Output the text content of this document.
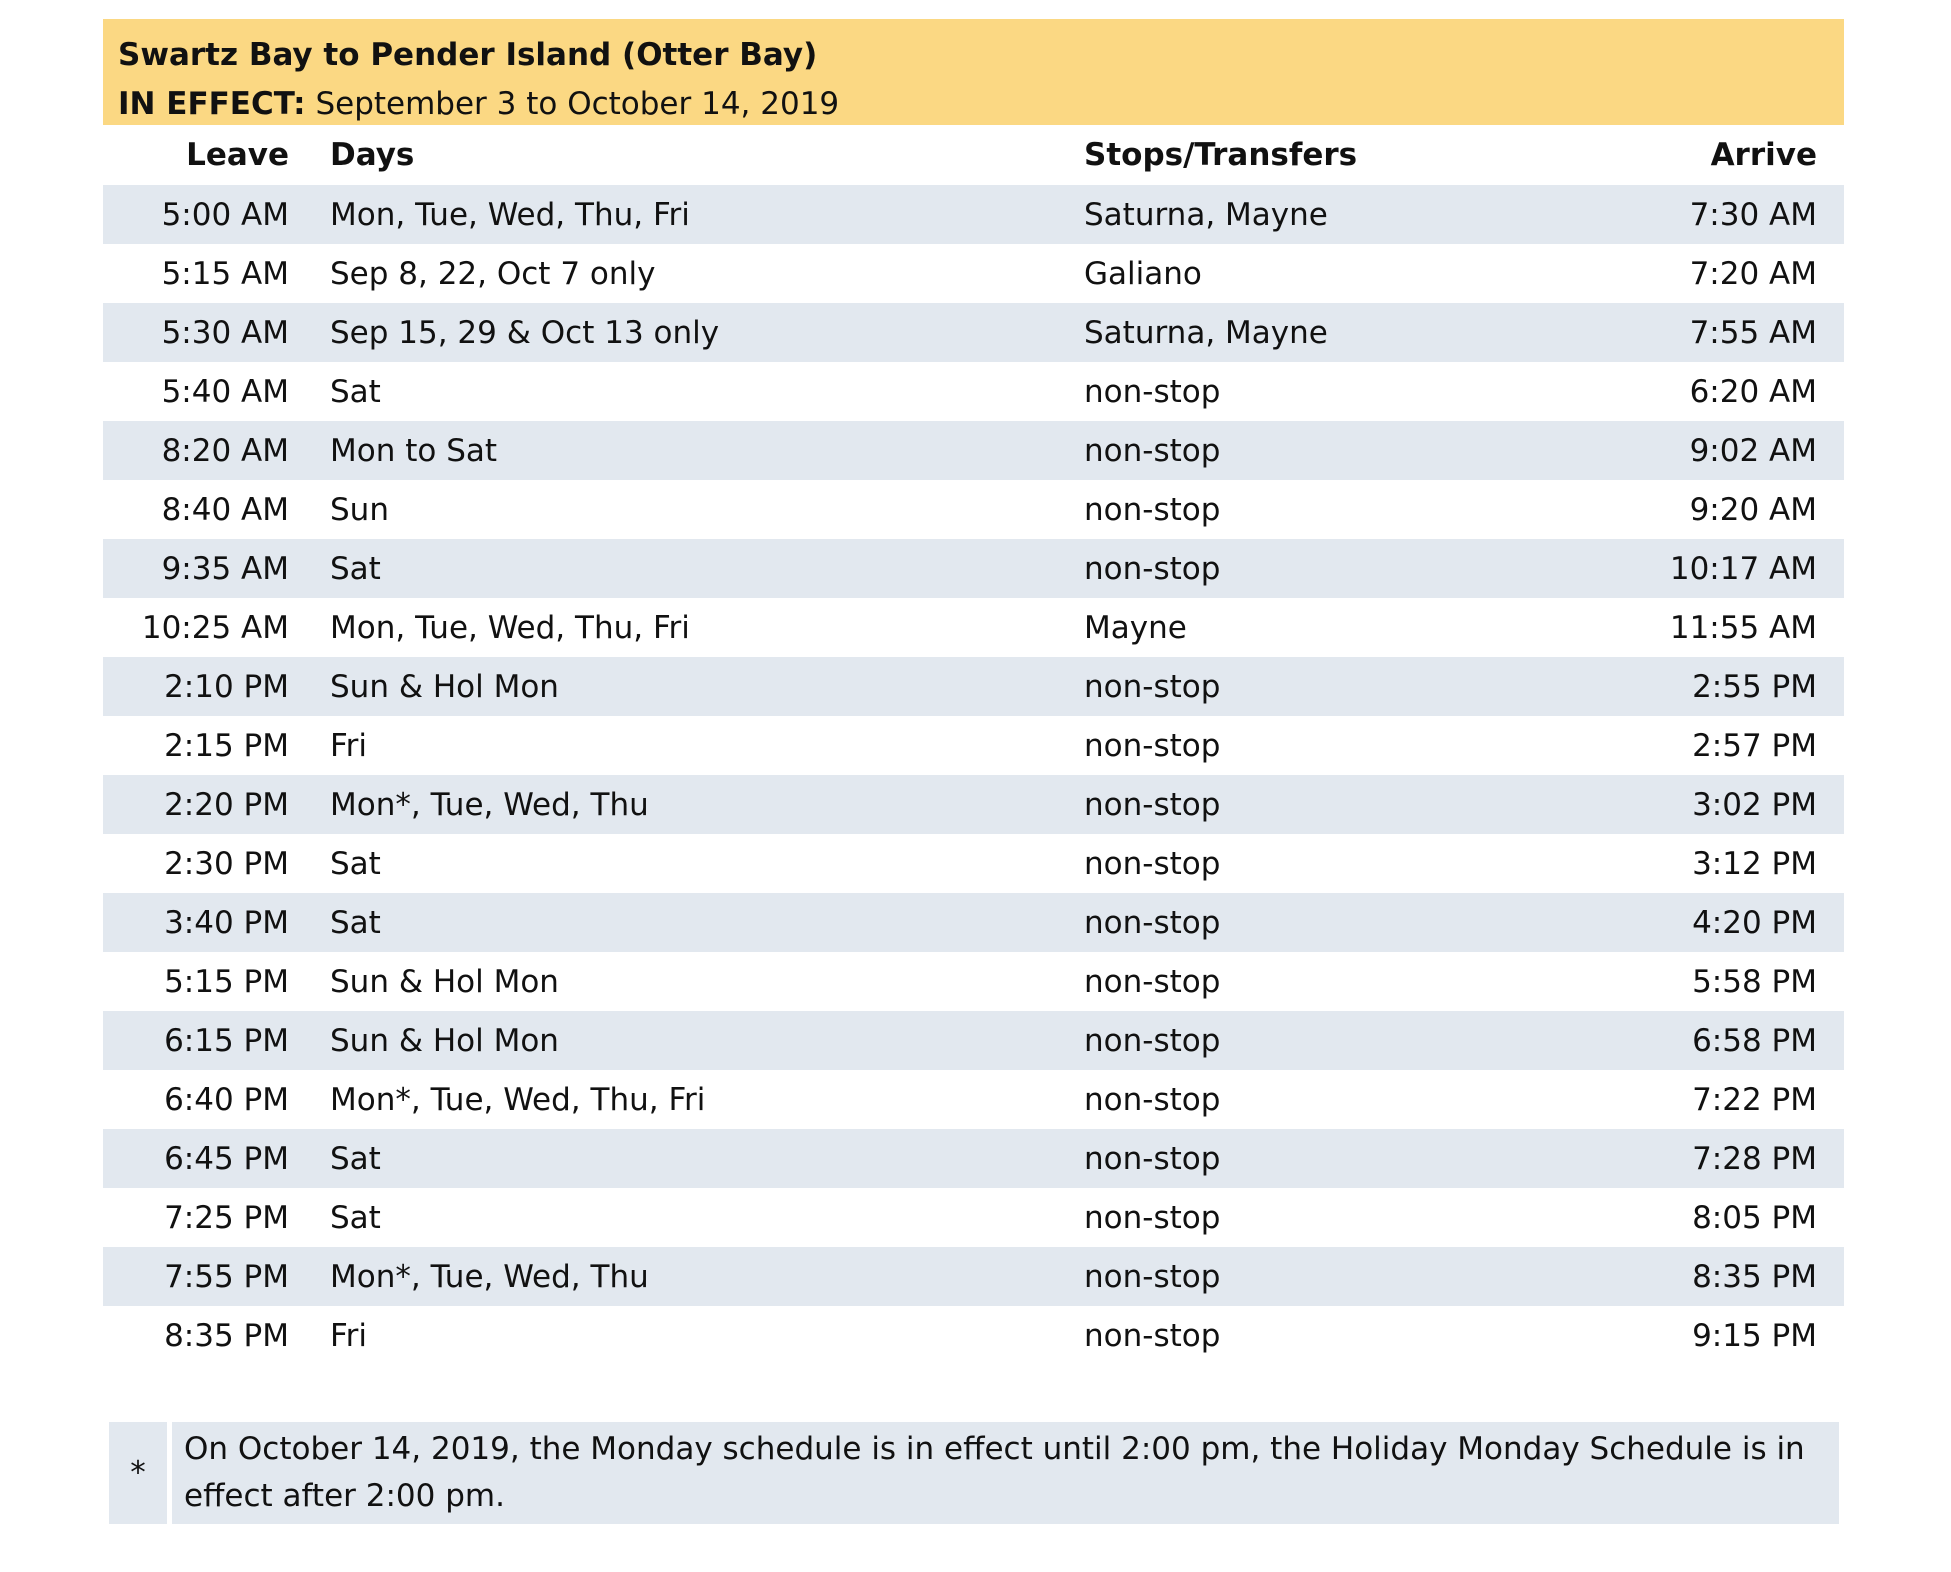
Swartz Bay to Pender Island (Otter Bay)
IN EFFECT: September 3 to October 14, 2019
Leave	Days	Stops/Transfers	Arrive
5:00 AM	Mon, Tue, Wed, Thu, Fri	Saturna, Mayne	7:30 AM
5:15 AM	Sep 8, 22, Oct 7 only	Galiano	7:20 AM
5:30 AM	Sep 15, 29 & Oct 13 only	Saturna, Mayne	7:55 AM
5:40 AM	Sat	non-stop	6:20 AM
8:20 AM	Mon to Sat	non-stop	9:02 AM
8:40 AM	Sun	non-stop	9:20 AM
9:35 AM	Sat	non-stop	10:17 AM
10:25 AM	Mon, Tue, Wed, Thu, Fri	Mayne	11:55 AM
2:10 PM	Sun & Hol Mon	non-stop	2:55 PM
2:15 PM	Fri	non-stop	2:57 PM
2:20 PM	Mon*, Tue, Wed, Thu	non-stop	3:02 PM
2:30 PM	Sat	non-stop	3:12 PM
3:40 PM	Sat	non-stop	4:20 PM
5:15 PM	Sun & Hol Mon	non-stop	5:58 PM
6:15 PM	Sun & Hol Mon	non-stop	6:58 PM
6:40 PM	Mon*, Tue, Wed, Thu, Fri	non-stop	7:22 PM
6:45 PM	Sat	non-stop	7:28 PM
7:25 PM	Sat	non-stop	8:05 PM
7:55 PM	Mon*, Tue, Wed, Thu	non-stop	8:35 PM
8:35 PM	Fri	non-stop	9:15 PM
*
On October 14, 2019, the Monday schedule is in effect until 2:00 pm, the Holiday Monday Schedule is in effect after 2:00 pm.
